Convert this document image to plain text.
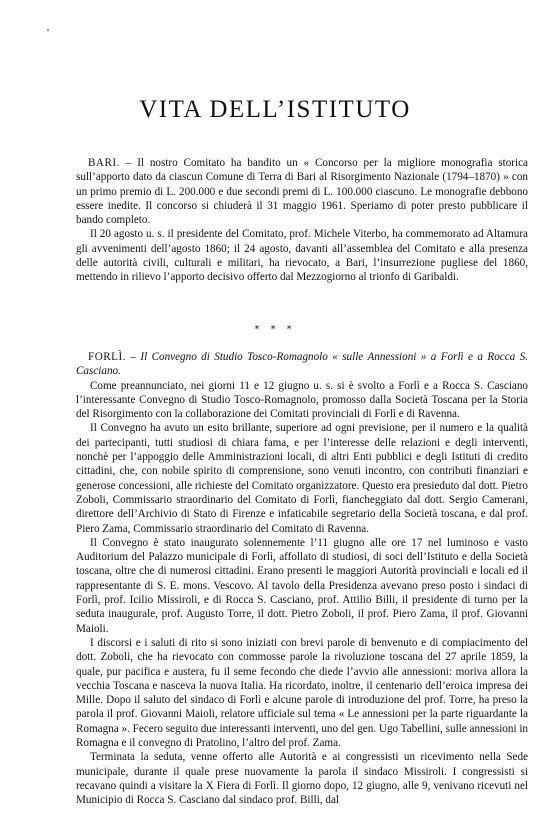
VITA DELL’ISTITUTO

BARI. – Il nostro Comitato ha bandito un « Concorso per la migliore monografia storica sull’apporto dato da ciascun Comune di Terra di Bari al Risorgimento Nazionale (1794–1870) » con un primo premio di L. 200.000 e due secondi premi di L. 100.000 ciascuno. Le monografie debbono essere inedite. Il concorso si chiuderà il 31 maggio 1961. Speriamo di poter presto pubblicare il bando completo.

Il 20 agosto u. s. il presidente del Comitato, prof. Michele Viterbo, ha commemorato ad Altamura gli avvenimenti dell’agosto 1860; il 24 agosto, davanti all’assemblea del Comitato e alla presenza delle autorità civili, culturali e militari, ha rievocato, a Bari, l’insurrezione pugliese del 1860, mettendo in rilievo l’apporto decisivo offerto dal Mezzogiorno al trionfo di Garibaldi.

* * *

FORLÌ. – Il Convegno di Studio Tosco-Romagnolo « sulle Annessioni » a Forlì e a Rocca S. Casciano.

Come preannunciato, nei giorni 11 e 12 giugno u. s. si è svolto a Forlì e a Rocca S. Casciano l’interessante Convegno di Studio Tosco-Romagnolo, promosso dalla Società Toscana per la Storia del Risorgimento con la collaborazione dei Comitati provinciali di Forlì e di Ravenna.

Il Convegno ha avuto un esito brillante, superiore ad ogni previsione, per il numero e la qualità dei partecipanti, tutti studiosi di chiara fama, e per l’interesse delle relazioni e degli interventi, nonchè per l’appoggio delle Amministrazioni locali, di altri Enti pubblici e degli Istituti di credito cittadini, che, con nobile spirito di comprensione, sono venuti incontro, con contributi finanziari e generose concessioni, alle richieste del Comitato organizzatore. Questo era presieduto dal dott. Pietro Zoboli, Commissario straordinario del Comitato di Forlì, fiancheggiato dal dott. Sergio Camerani, direttore dell’Archivio di Stato di Firenze e infaticabile segretario della Società toscana, e dal prof. Piero Zama, Commissario straordinario del Comitato di Ravenna.

Il Convegno è stato inaugurato solennemente l’11 giugno alle ore 17 nel luminoso e vasto Auditorium del Palazzo municipale di Forlì, affollato di studiosi, di soci dell’Istituto e della Società toscana, oltre che di numerosi cittadini. Erano presenti le maggiori Autorità provinciali e locali ed il rappresentante di S. E. mons. Vescovo. Al tavolo della Presidenza avevano preso posto i sindaci di Forlì, prof. Icilio Missiroli, e di Rocca S. Casciano, prof. Attilio Billi, il presidente di turno per la seduta inaugurale, prof. Augusto Torre, il dott. Pietro Zoboli, il prof. Piero Zama, il prof. Giovanni Maioli.

I discorsi e i saluti di rito si sono iniziati con brevi parole di benvenuto e di compiacimento del dott. Zoboli, che ha rievocato con commosse parole la rivoluzione toscana del 27 aprile 1859, la quale, pur pacifica e austera, fu il seme fecondo che diede l’avvio alle annessioni: moriva allora la vecchia Toscana e nasceva la nuova Italia. Ha ricordato, inoltre, il centenario dell’eroica impresa dei Mille. Dopo il saluto del sindaco di Forlì e alcune parole di introduzione del prof. Torre, ha preso la parola il prof. Giovanni Maioli, relatore ufficiale sul tema « Le annessioni per la parte riguardante la Romagna ». Fecero seguito due interessanti interventi, uno del gen. Ugo Tabellini, sulle annessioni in Romagna e il convegno di Pratolino, l’altro del prof. Zama.

Terminata la seduta, venne offerto alle Autorità e ai congressisti un ricevimento nella Sede municipale, durante il quale prese nuovamente la parola il sindaco Missiroli. I congressisti si recavano quindi a visitare la X Fiera di Forlì. Il giorno dopo, 12 giugno, alle 9, venivano ricevuti nel Municipio di Rocca S. Casciano dal sindaco prof. Billi, dal
